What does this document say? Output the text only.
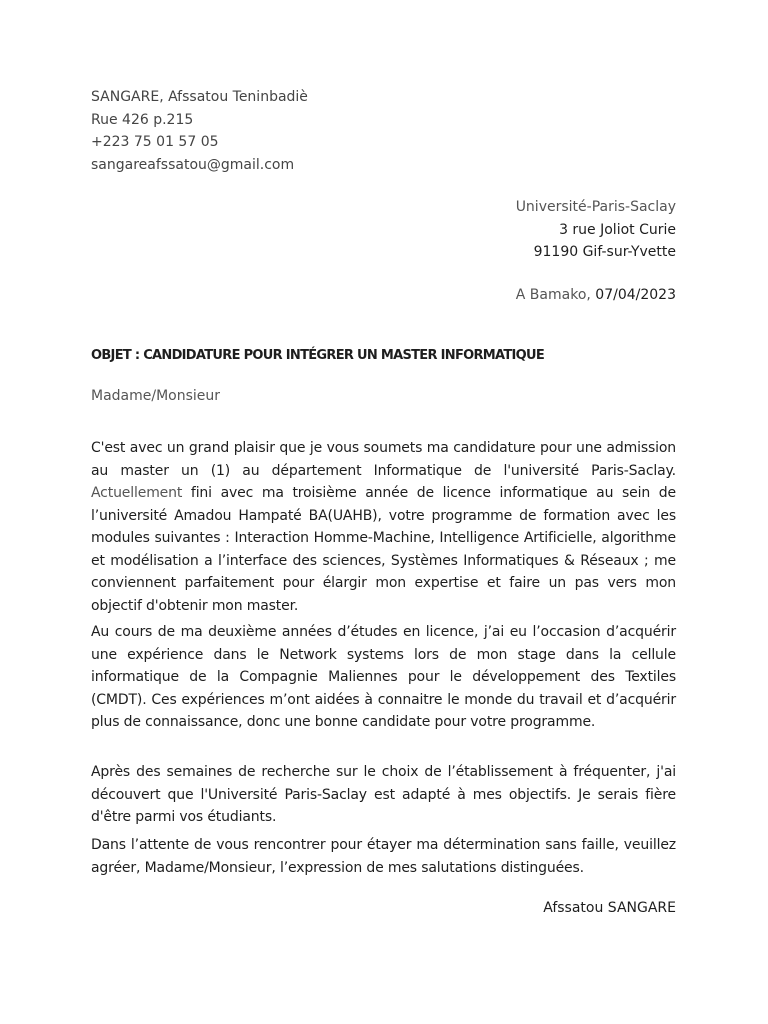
SANGARE, Afssatou Teninbadiè
Rue 426 p.215
+223 75 01 57 05
sangareafssatou@gmail.com
Université-Paris-Saclay
3 rue Joliot Curie
91190 Gif-sur-Yvette
A Bamako, 07/04/2023
OBJET : CANDIDATURE POUR INTÉGRER UN MASTER INFORMATIQUE
Madame/Monsieur
C'est avec un grand plaisir que je vous soumets ma candidature pour une admission au master un (1) au département Informatique de l'université Paris-Saclay. Actuellement fini avec ma troisième année de licence informatique au sein de l’université Amadou Hampaté BA(UAHB), votre programme de formation avec les modules suivantes : Interaction Homme-Machine, Intelligence Artificielle, algorithme et modélisation a l’interface des sciences, Systèmes Informatiques & Réseaux ; me conviennent parfaitement pour élargir mon expertise et faire un pas vers mon objectif d'obtenir mon master.
Au cours de ma deuxième années d’études en licence, j’ai eu l’occasion d’acquérir une expérience dans le Network systems lors de mon stage dans la cellule informatique de la Compagnie Maliennes pour le développement des Textiles (CMDT). Ces expériences m’ont aidées à connaitre le monde du travail et d’acquérir plus de connaissance, donc une bonne candidate pour votre programme.
Après des semaines de recherche sur le choix de l’établissement à fréquenter, j'ai découvert que l'Université Paris-Saclay est adapté à mes objectifs. Je serais fière d'être parmi vos étudiants.
Dans l’attente de vous rencontrer pour étayer ma détermination sans faille, veuillez agréer, Madame/Monsieur, l’expression de mes salutations distinguées.
Afssatou SANGARE
